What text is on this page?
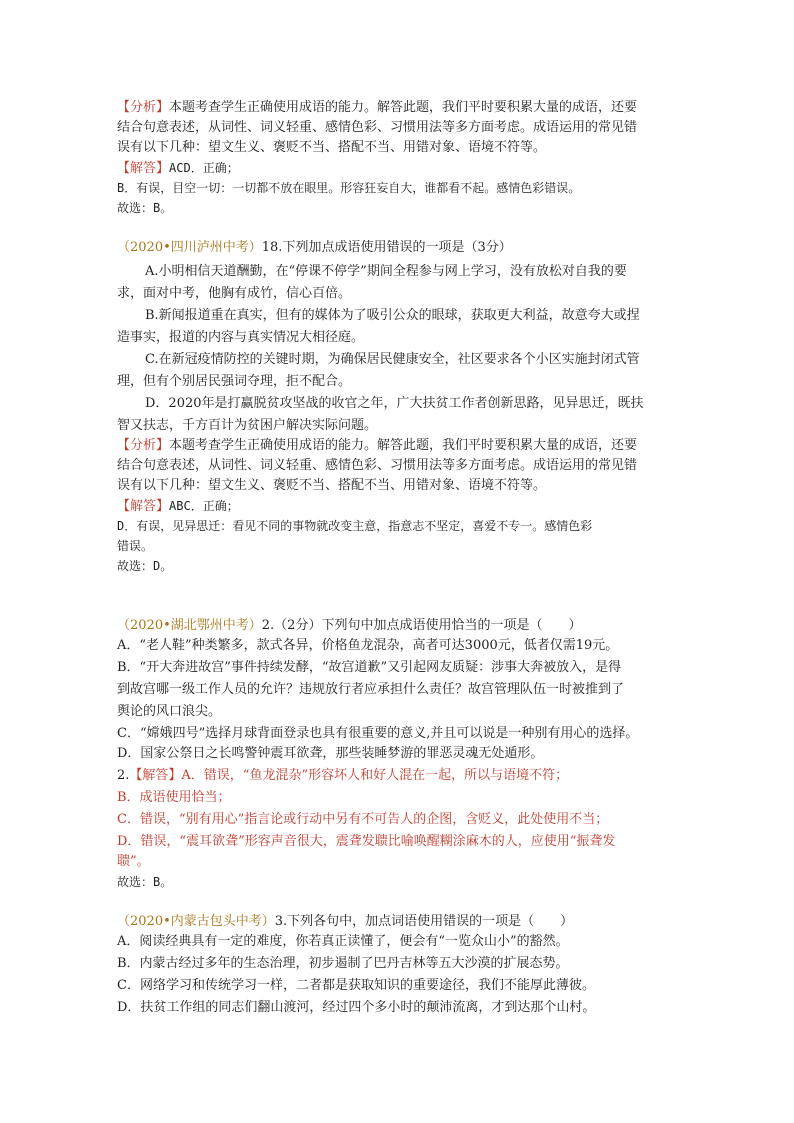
【分析】本题考查学生正确使用成语的能力。解答此题，我们平时要积累大量的成语，还要
结合句意表述，从词性、词义轻重、感情色彩、习惯用法等多方面考虑。成语运用的常见错
误有以下几种：望文生义、褒贬不当、搭配不当、用错对象、语境不符等。
【解答】ACD．正确；
B．有误，目空一切：一切都不放在眼里。形容狂妄自大，谁都看不起。感情色彩错误。
故选：B。
（2020•四川泸州中考）18.下列加点成语使用错误的一项是（3分）
A.小明相信天道酬勤，在“停课不停学”期间全程参与网上学习，没有放松对自我的要
求，面对中考，他胸有成竹，信心百倍。
B.新闻报道重在真实，但有的媒体为了吸引公众的眼球，获取更大利益，故意夸大或捏
造事实，报道的内容与真实情况大相径庭。
C.在新冠疫情防控的关键时期，为确保居民健康安全，社区要求各个小区实施封闭式管
理，但有个别居民强词夺理，拒不配合。
D．2020年是打赢脱贫攻坚战的收官之年，广大扶贫工作者创新思路，见异思迁，既扶
智又扶志，千方百计为贫困户解决实际问题。
【分析】本题考查学生正确使用成语的能力。解答此题，我们平时要积累大量的成语，还要
结合句意表述，从词性、词义轻重、感情色彩、习惯用法等多方面考虑。成语运用的常见错
误有以下几种：望文生义、褒贬不当、搭配不当、用错对象、语境不符等。
【解答】ABC．正确；
D．有误，见异思迁：看见不同的事物就改变主意，指意志不坚定，喜爱不专一。感情色彩
错误。
故选：D。
（2020•湖北鄂州中考）2.（2分）下列句中加点成语使用恰当的一项是（　　）
A．“老人鞋”种类繁多，款式各异，价格鱼龙混杂，高者可达3000元，低者仅需19元。
B．“开大奔进故宫”事件持续发酵，“故宫道歉”又引起网友质疑：涉事大奔被放入，是得
到故宫哪一级工作人员的允许？违规放行者应承担什么责任？故宫管理队伍一时被推到了
舆论的风口浪尖。
C．“嫦娥四号”选择月球背面登录也具有很重要的意义,并且可以说是一种别有用心的选择。
D．国家公祭日之长鸣警钟震耳欲聋，那些装睡梦游的罪恶灵魂无处遁形。
2.【解答】A．错误，“鱼龙混杂”形容坏人和好人混在一起，所以与语境不符；
B．成语使用恰当；
C．错误，“别有用心”指言论或行动中另有不可告人的企图，含贬义，此处使用不当；
D．错误，“震耳欲聋”形容声音很大，震聋发聩比喻唤醒糊涂麻木的人，应使用“振聋发
聩”。
故选：B。
（2020•内蒙古包头中考）3.下列各句中，加点词语使用错误的一项是（　　）
A．阅读经典具有一定的难度，你若真正读懂了，便会有“一览众山小”的豁然。
B．内蒙古经过多年的生态治理，初步遏制了巴丹吉林等五大沙漠的扩展态势。
C．网络学习和传统学习一样，二者都是获取知识的重要途径，我们不能厚此薄彼。
D．扶贫工作组的同志们翻山渡河，经过四个多小时的颠沛流离，才到达那个山村。
